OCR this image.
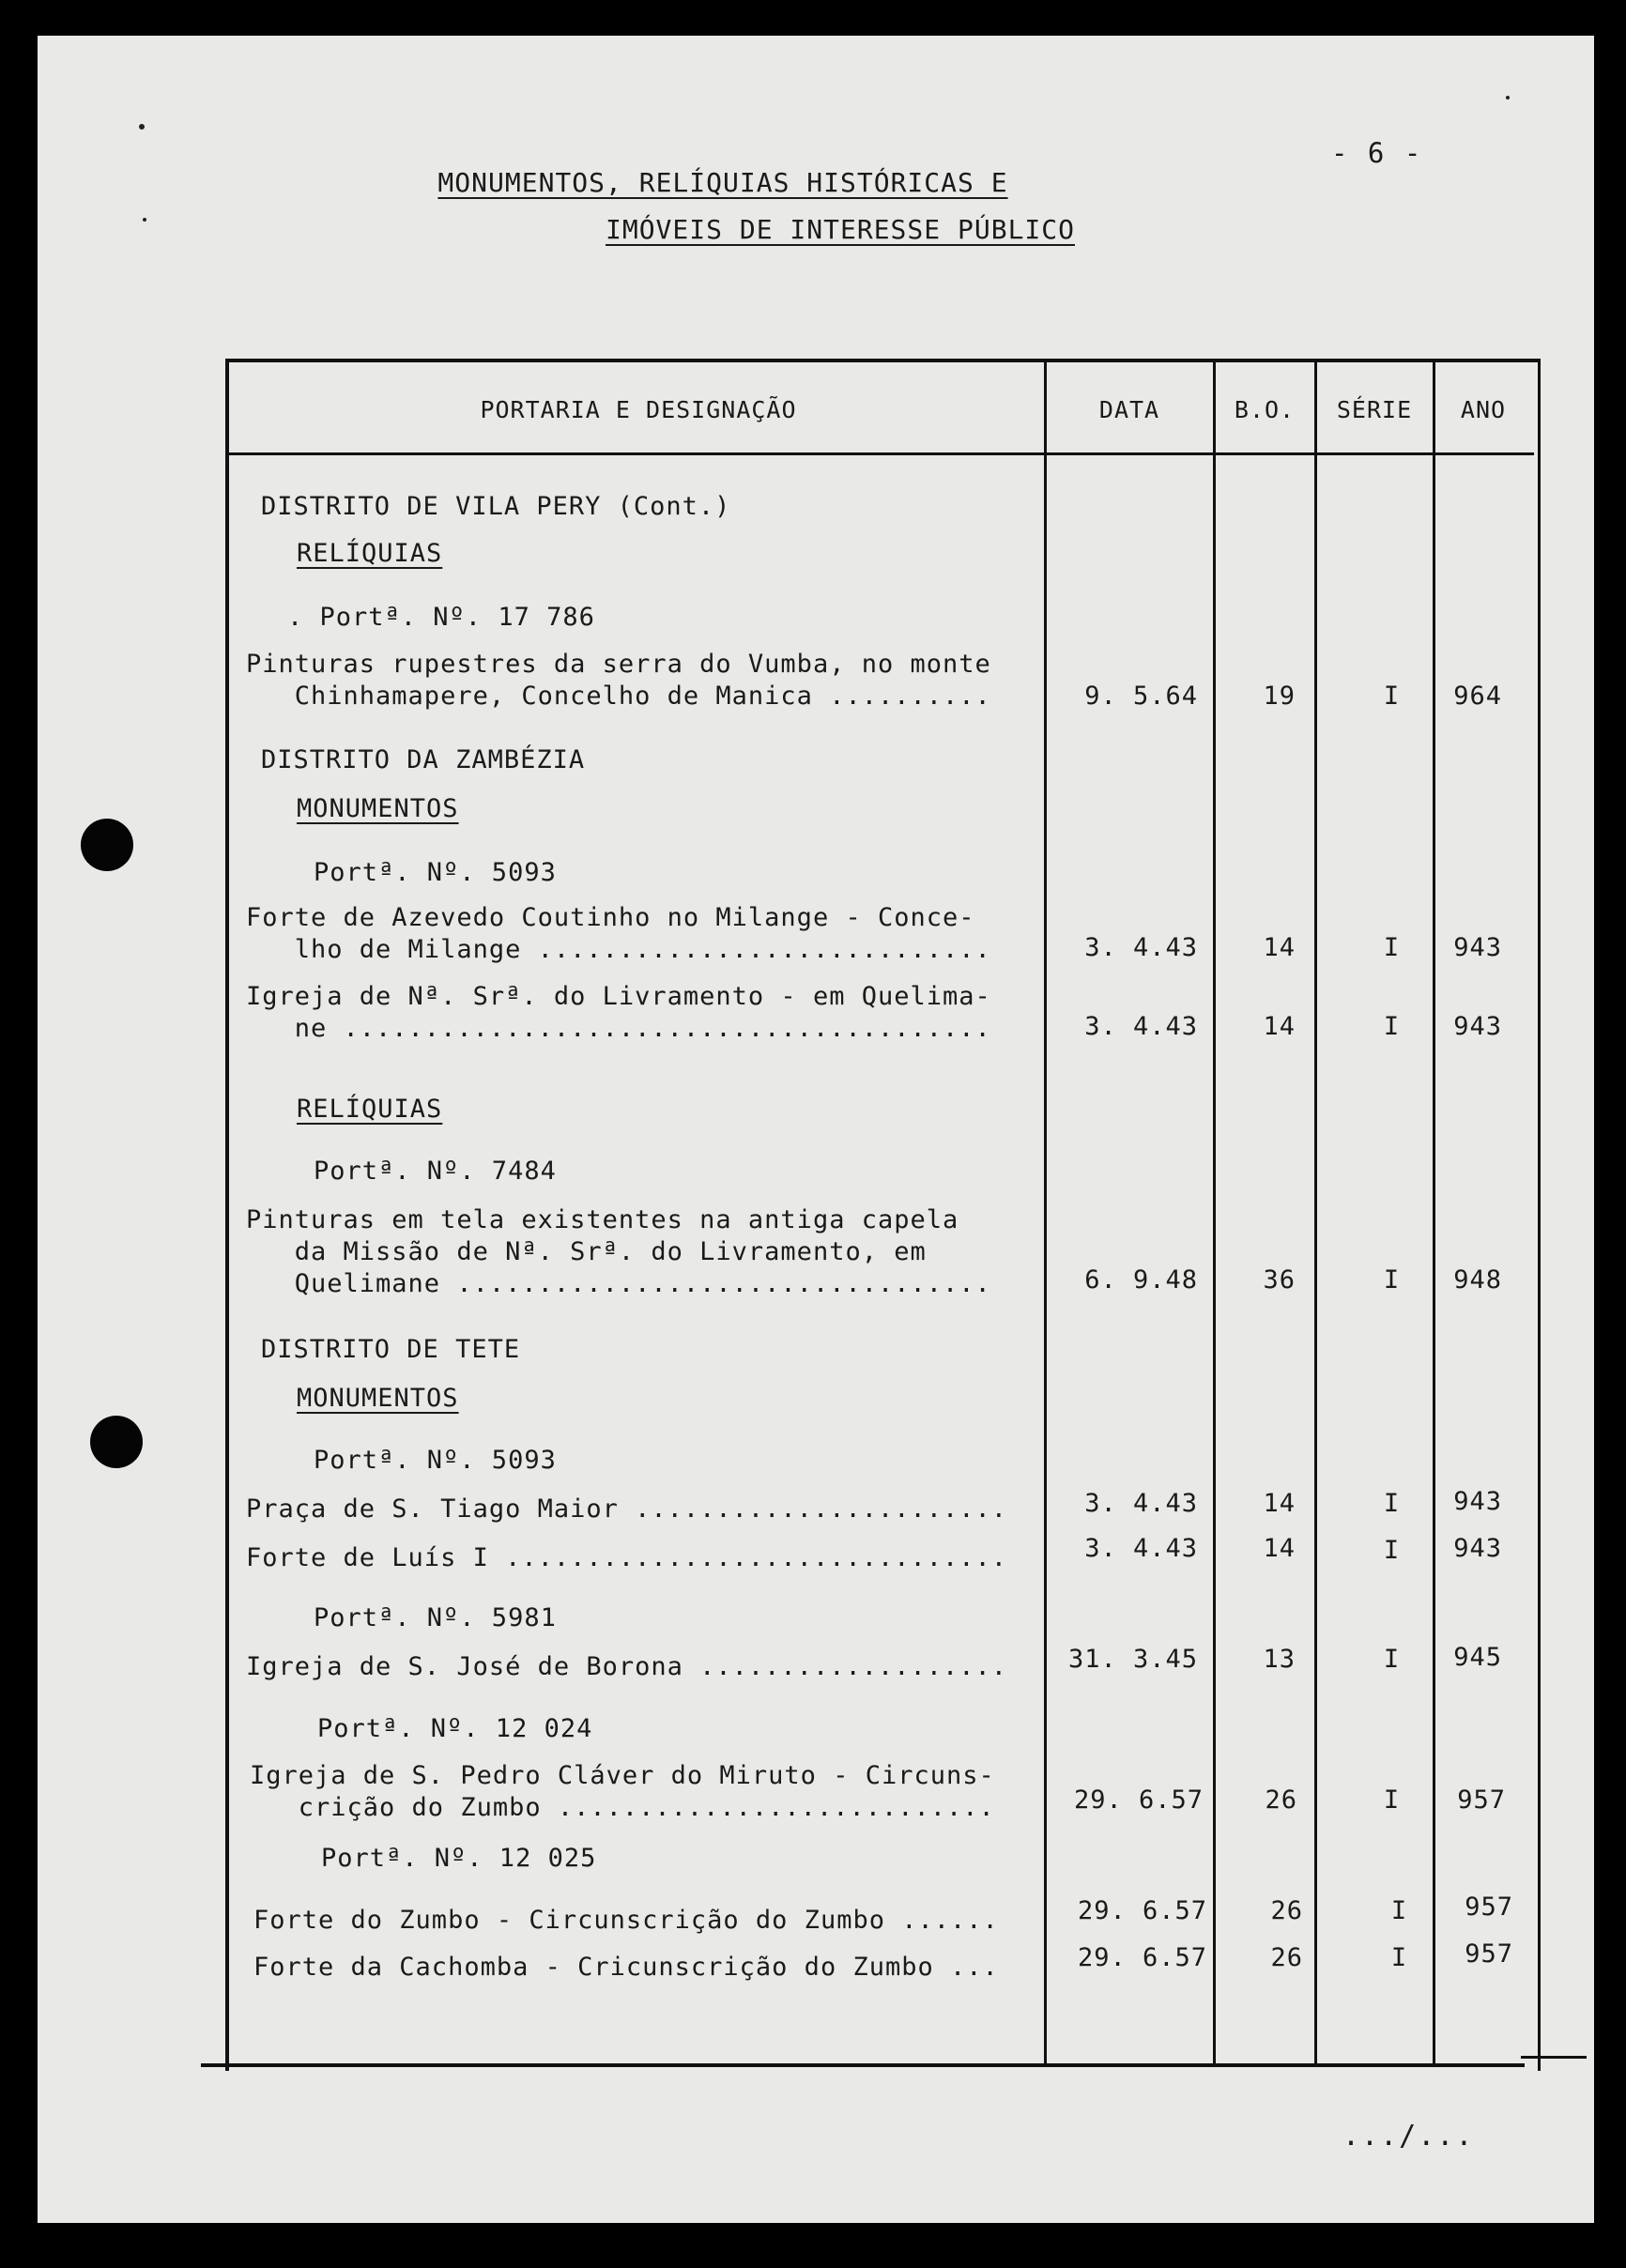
- 6 -
MONUMENTOS, RELÍQUIAS HISTÓRICAS E
IMÓVEIS DE INTERESSE PÚBLICO
PORTARIA E DESIGNAÇÃO	DATA	B.O.	SÉRIE	ANO
DISTRITO DE VILA PERY (Cont.)
RELÍQUIAS
. Portª. Nº. 17 786
Pinturas rupestres da serra do Vumba, no monte
Chinhamapere, Concelho de Manica ..........	9. 5.64	19	I	964
DISTRITO DA ZAMBÉZIA
MONUMENTOS
Portª. Nº. 5093
Forte de Azevedo Coutinho no Milange - Conce-
lho de Milange ............................	3. 4.43	14	I	943
Igreja de Nª. Srª. do Livramento - em Quelima-
ne ........................................	3. 4.43	14	I	943
RELÍQUIAS
Portª. Nº. 7484
Pinturas em tela existentes na antiga capela
da Missão de Nª. Srª. do Livramento, em
Quelimane .................................	6. 9.48	36	I	948
DISTRITO DE TETE
MONUMENTOS
Portª. Nº. 5093
Praça de S. Tiago Maior .......................	3. 4.43	14	I	943
Forte de Luís I ...............................	3. 4.43	14	I	943
Portª. Nº. 5981
Igreja de S. José de Borona ...................	31. 3.45	13	I	945
Portª. Nº. 12 024
Igreja de S. Pedro Cláver do Miruto - Circuns-
crição do Zumbo ...........................	29. 6.57	26	I	957
Portª. Nº. 12 025
Forte do Zumbo - Circunscrição do Zumbo ......	29. 6.57	26	I	957
Forte da Cachomba - Cricunscrição do Zumbo ...	29. 6.57	26	I	957
.../...
